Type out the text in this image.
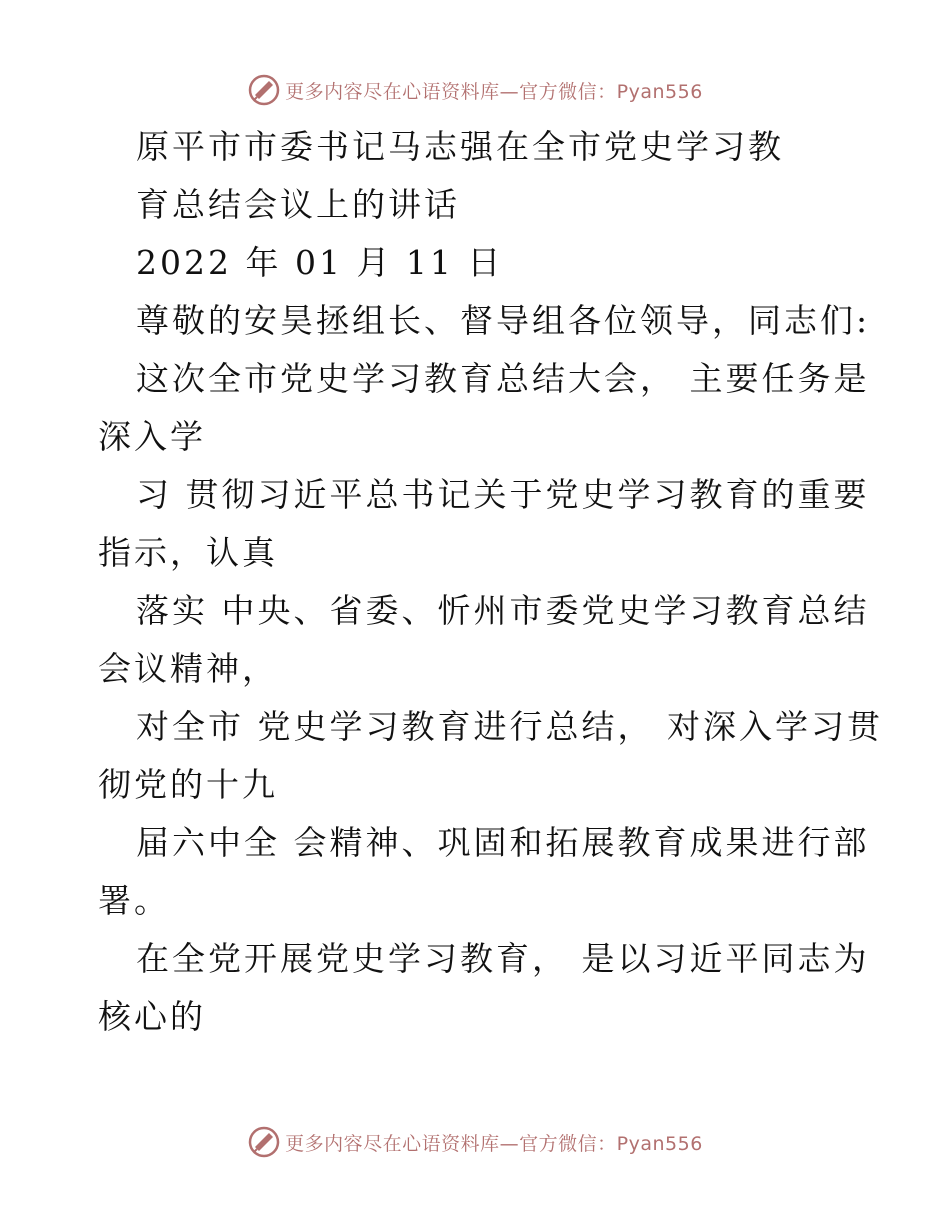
更多内容尽在心语资料库—官方微信：Pyan556
原平市市委书记马志强在全市党史学习教
育总结会议上的讲话
2022 年 01 月 11 日
尊敬的安昊拯组长、督导组各位领导，同志们:
这次全市党史学习教育总结大会， 主要任务是
深入学
习 贯彻习近平总书记关于党史学习教育的重要
指示，认真
落实 中央、省委、忻州市委党史学习教育总结
会议精神，
对全市 党史学习教育进行总结， 对深入学习贯
彻党的十九
届六中全 会精神、巩固和拓展教育成果进行部
署。
在全党开展党史学习教育， 是以习近平同志为
核心的
更多内容尽在心语资料库—官方微信：Pyan556
